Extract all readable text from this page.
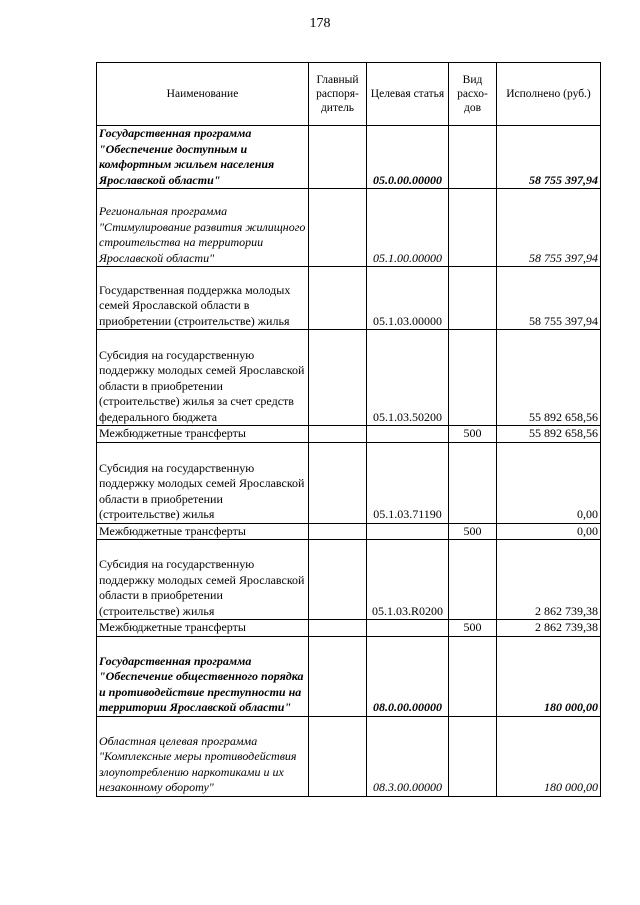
178
Наименование	Главный распоря-дитель	Целевая статья	Вид расхо-дов	Исполнено (руб.)
Государственная программа "Обеспечение доступным и комфортным жильем населения Ярославской области"		05.0.00.00000		58 755 397,94
Региональная программа "Стимулирование развития жилищного строительства на территории Ярославской области"		05.1.00.00000		58 755 397,94
Государственная поддержка молодых семей Ярославской области в приобретении (строительстве) жилья		05.1.03.00000		58 755 397,94
Субсидия на государственную поддержку молодых семей Ярославской области в приобретении (строительстве) жилья за счет средств федерального бюджета		05.1.03.50200		55 892 658,56
Межбюджетные трансферты			500	55 892 658,56
Субсидия на государственную поддержку молодых семей Ярославской области в приобретении (строительстве) жилья		05.1.03.71190		0,00
Межбюджетные трансферты			500	0,00
Субсидия на государственную поддержку молодых семей Ярославской области в приобретении (строительстве) жилья		05.1.03.R0200		2 862 739,38
Межбюджетные трансферты			500	2 862 739,38
Государственная программа "Обеспечение общественного порядка и противодействие преступности на территории Ярославской области"		08.0.00.00000		180 000,00
Областная целевая программа "Комплексные меры противодействия злоупотреблению наркотиками и их незаконному обороту"		08.3.00.00000		180 000,00
